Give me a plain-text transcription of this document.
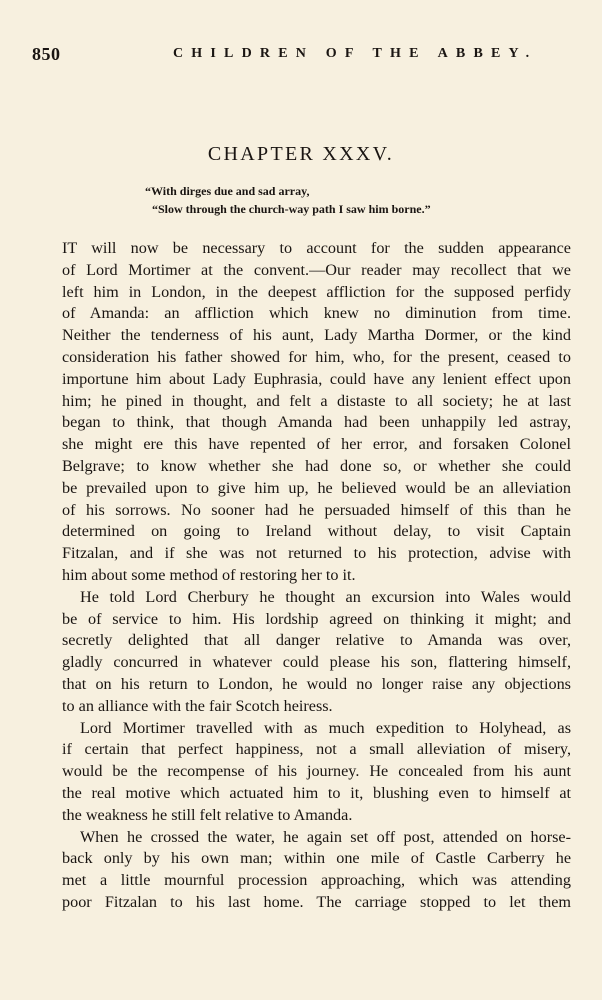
850	CHILDREN OF THE ABBEY.
CHAPTER XXXV.
“With dirges due and sad array,
“Slow through the church-way path I saw him borne.”
IT will now be necessary to account for the sudden appearance
of Lord Mortimer at the convent.—Our reader may recollect that we
left him in London, in the deepest affliction for the supposed perfidy
of Amanda: an affliction which knew no diminution from time.
Neither the tenderness of his aunt, Lady Martha Dormer, or the kind
consideration his father showed for him, who, for the present, ceased to
importune him about Lady Euphrasia, could have any lenient effect upon
him; he pined in thought, and felt a distaste to all society; he at last
began to think, that though Amanda had been unhappily led astray,
she might ere this have repented of her error, and forsaken Colonel
Belgrave; to know whether she had done so, or whether she could
be prevailed upon to give him up, he believed would be an alleviation
of his sorrows. No sooner had he persuaded himself of this than he
determined on going to Ireland without delay, to visit Captain
Fitzalan, and if she was not returned to his protection, advise with
him about some method of restoring her to it.
He told Lord Cherbury he thought an excursion into Wales would
be of service to him. His lordship agreed on thinking it might; and
secretly delighted that all danger relative to Amanda was over,
gladly concurred in whatever could please his son, flattering himself,
that on his return to London, he would no longer raise any objections
to an alliance with the fair Scotch heiress.
Lord Mortimer travelled with as much expedition to Holyhead, as
if certain that perfect happiness, not a small alleviation of misery,
would be the recompense of his journey. He concealed from his aunt
the real motive which actuated him to it, blushing even to himself at
the weakness he still felt relative to Amanda.
When he crossed the water, he again set off post, attended on horse-
back only by his own man; within one mile of Castle Carberry he
met a little mournful procession approaching, which was attending
poor Fitzalan to his last home. The carriage stopped to let them
